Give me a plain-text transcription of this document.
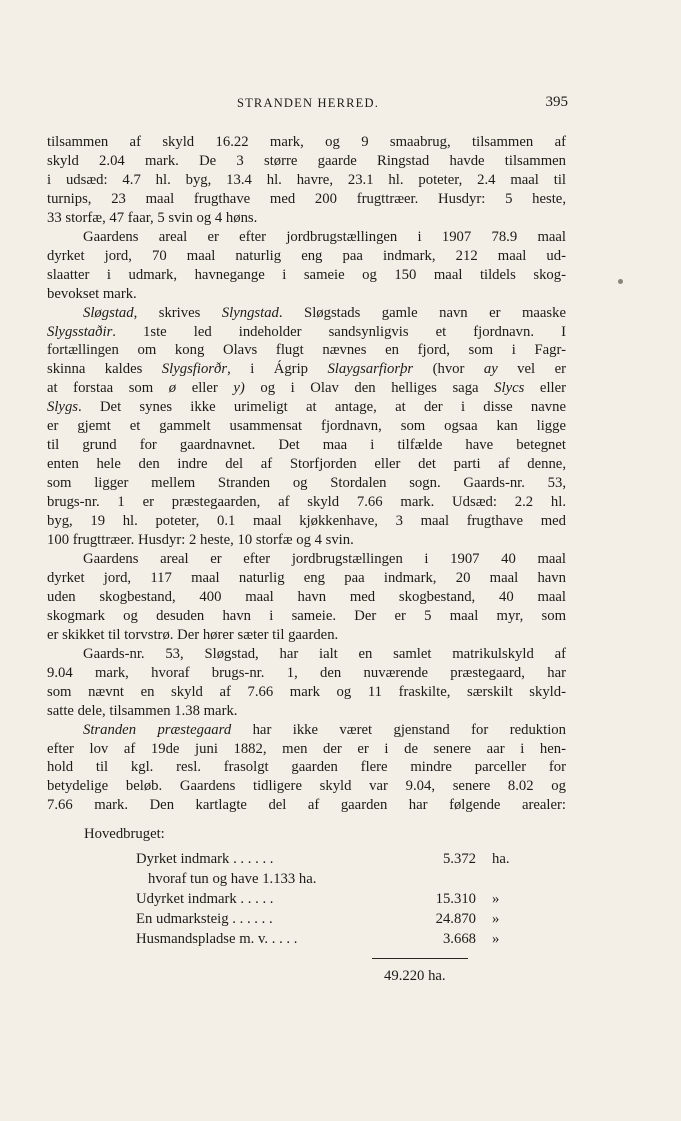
STRANDEN HERRED.	395
tilsammen af skyld 16.22 mark, og 9 smaabrug, tilsammen af
skyld 2.04 mark. De 3 større gaarde Ringstad havde tilsammen
i udsæd: 4.7 hl. byg, 13.4 hl. havre, 23.1 hl. poteter, 2.4 maal til
turnips, 23 maal frugthave med 200 frugttræer. Husdyr: 5 heste,
33 storfæ, 47 faar, 5 svin og 4 høns.
Gaardens areal er efter jordbrugstællingen i 1907 78.9 maal
dyrket jord, 70 maal naturlig eng paa indmark, 212 maal ud-
slaatter i udmark, havnegange i sameie og 150 maal tildels skog-
bevokset mark.
Sløgstad, skrives Slyngstad. Sløgstads gamle navn er maaske
Slygsstaðir. 1ste led indeholder sandsynligvis et fjordnavn. I
fortællingen om kong Olavs flugt nævnes en fjord, som i Fagr-
skinna kaldes Slygsfiorðr, i Ágrip Slaygsarfiorþr (hvor ay vel er
at forstaa som ø eller y) og i Olav den helliges saga Slycs eller
Slygs. Det synes ikke urimeligt at antage, at der i disse navne
er gjemt et gammelt usammensat fjordnavn, som ogsaa kan ligge
til grund for gaardnavnet. Det maa i tilfælde have betegnet
enten hele den indre del af Storfjorden eller det parti af denne,
som ligger mellem Stranden og Stordalen sogn. Gaards-nr. 53,
brugs-nr. 1 er præstegaarden, af skyld 7.66 mark. Udsæd: 2.2 hl.
byg, 19 hl. poteter, 0.1 maal kjøkkenhave, 3 maal frugthave med
100 frugttræer. Husdyr: 2 heste, 10 storfæ og 4 svin.
Gaardens areal er efter jordbrugstællingen i 1907 40 maal
dyrket jord, 117 maal naturlig eng paa indmark, 20 maal havn
uden skogbestand, 400 maal havn med skogbestand, 40 maal
skogmark og desuden havn i sameie. Der er 5 maal myr, som
er skikket til torvstrø. Der hører sæter til gaarden.
Gaards-nr. 53, Sløgstad, har ialt en samlet matrikulskyld af
9.04 mark, hvoraf brugs-nr. 1, den nuværende præstegaard, har
som nævnt en skyld af 7.66 mark og 11 fraskilte, særskilt skyld-
satte dele, tilsammen 1.38 mark.
Stranden præstegaard har ikke været gjenstand for reduktion
efter lov af 19de juni 1882, men der er i de senere aar i hen-
hold til kgl. resl. frasolgt gaarden flere mindre parceller for
betydelige beløb. Gaardens tidligere skyld var 9.04, senere 8.02 og
7.66 mark. Den kartlagte del af gaarden har følgende arealer:
Hovedbruget:
Dyrket indmark . . . . . .	5.372 ha.
hvoraf tun og have 1.133 ha.
Udyrket indmark . . . . .	15.310 »
En udmarksteig . . . . . .	24.870 »
Husmandspladse m. v. . . . .	3.668 »
49.220 ha.
